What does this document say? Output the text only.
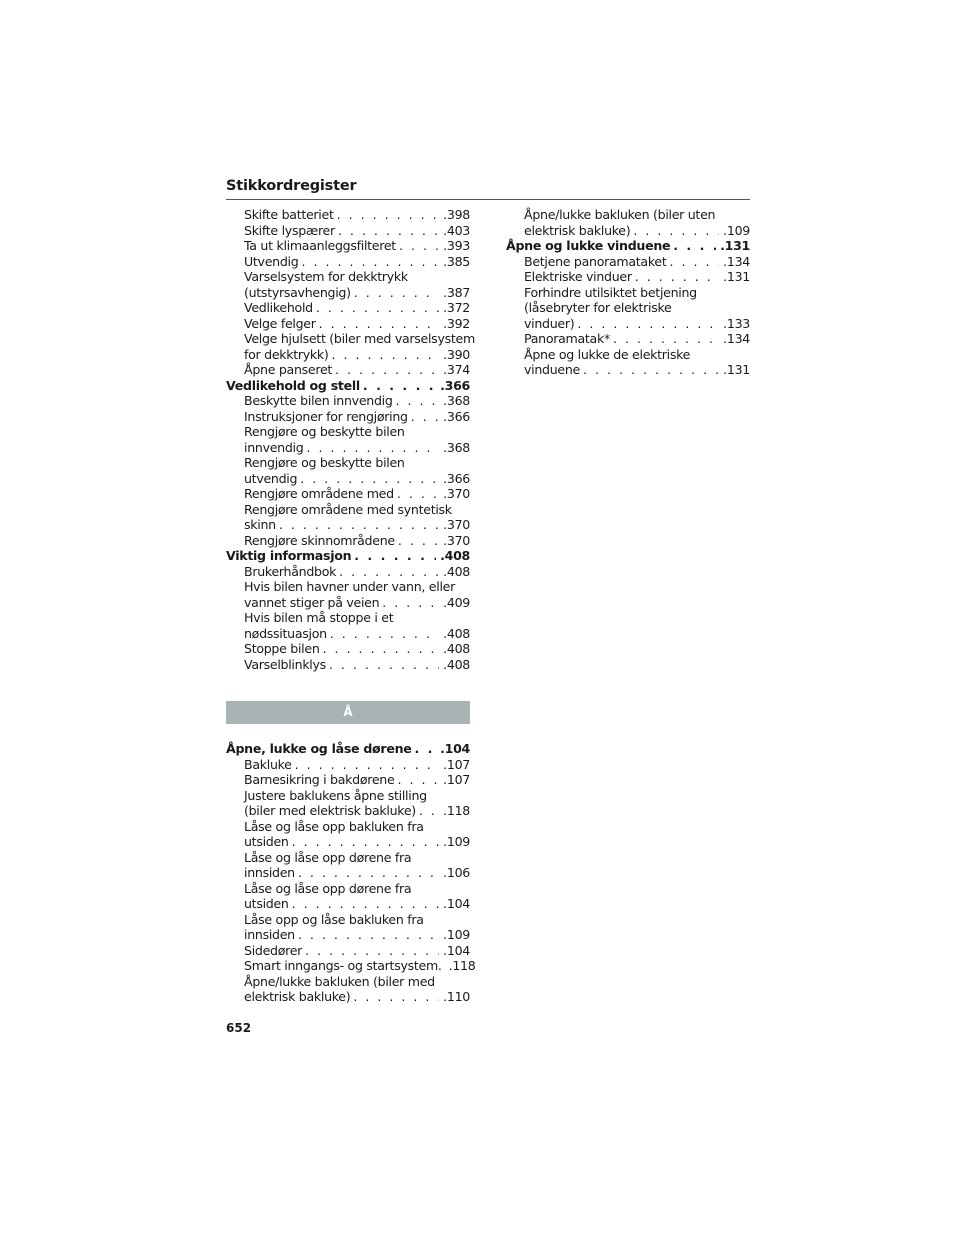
Stikkordregister
Skifte batteriet . . .	.398
Skifte lyspærer . . .	.403
Ta ut klimaanleggsfilteret . . .	.393
Utvendig . . .	.385
Varselsystem for dekktrykk
(utstyrsavhengig) . . .	.387
Vedlikehold . . .	.372
Velge felger . . .	.392
Velge hjulsett (biler med varselsystem
for dekktrykk) . . .	.390
Åpne panseret . . .	.374
Vedlikehold og stell . . .	.366
Beskytte bilen innvendig . . .	.368
Instruksjoner for rengjøring . . .	.366
Rengjøre og beskytte bilen
innvendig . . .	.368
Rengjøre og beskytte bilen
utvendig . . .	.366
Rengjøre områdene med . . .	.370
Rengjøre områdene med syntetisk
skinn . . .	.370
Rengjøre skinnområdene . . .	.370
Viktig informasjon . . .	.408
Brukerhåndbok . . .	.408
Hvis bilen havner under vann, eller
vannet stiger på veien . . .	.409
Hvis bilen må stoppe i et
nødssituasjon . . .	.408
Stoppe bilen . . .	.408
Varselblinklys . . .	.408
Å
Åpne, lukke og låse dørene . . . .104
Bakluke . . .	.107
Barnesikring i bakdørene . . .	.107
Justere baklukens åpne stilling
(biler med elektrisk bakluke) . . . .118
Låse og låse opp bakluken fra
utsiden . . .	.109
Låse og låse opp dørene fra
innsiden . . .	.106
Låse og låse opp dørene fra
utsiden . . .	.104
Låse opp og låse bakluken fra
innsiden . . .	.109
Sidedører . . .	.104
Smart inngangs- og startsystem. .118
Åpne/lukke bakluken (biler med
elektrisk bakluke) . . .	.110
Åpne/lukke bakluken (biler uten
elektrisk bakluke) . . .	.109
Åpne og lukke vinduene . . .	.131
Betjene panoramataket . . .	.134
Elektriske vinduer . . .	.131
Forhindre utilsiktet betjening
(låsebryter for elektriske
vinduer) . . .	.133
Panoramatak* . . .	.134
Åpne og lukke de elektriske
vinduene . . .	.131
652
